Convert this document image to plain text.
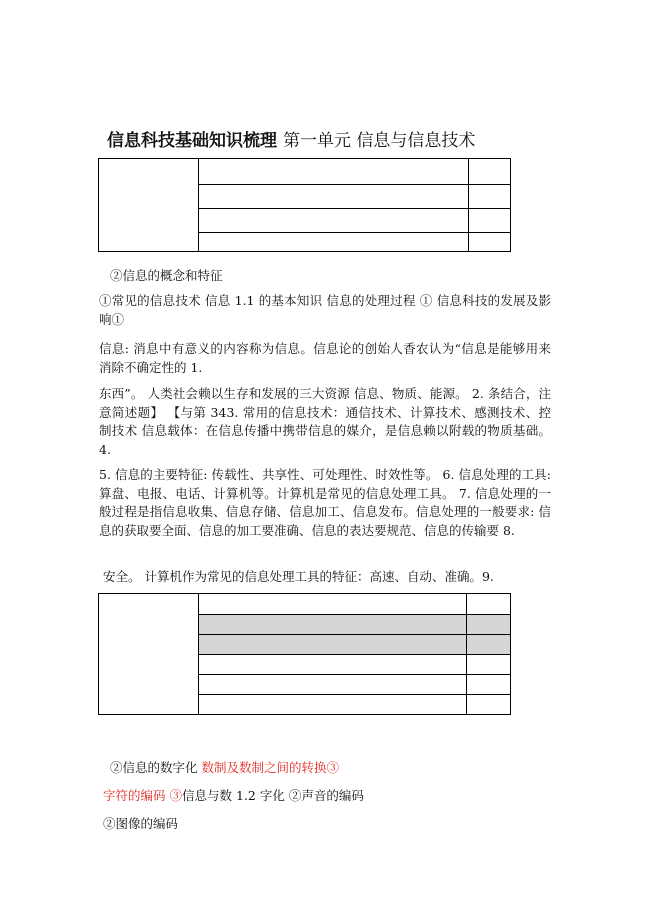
信息科技基础知识梳理 第一单元 信息与信息技术
②信息的概念和特征
①常见的信息技术 信息 1.1 的基本知识 信息的处理过程 ① 信息科技的发展及影响①
信息: 消息中有意义的内容称为信息。信息论的创始人香农认为“信息是能够用来消除不确定性的 1.
东西”。 人类社会赖以生存和发展的三大资源 信息、物质、能源。 2. 条结合，注意简述题】 【与第 343. 常用的信息技术：通信技术、计算技术、感测技术、控制技术 信息载体：在信息传播中携带信息的媒介，是信息赖以附载的物质基础。4.
5. 信息的主要特征: 传载性、共享性、可处理性、时效性等。 6. 信息处理的工具: 算盘、电报、电话、计算机等。计算机是常见的信息处理工具。 7. 信息处理的一般过程是指信息收集、信息存储、信息加工、信息发布。信息处理的一般要求: 信息的获取要全面、信息的加工要准确、信息的表达要规范、信息的传输要 8.
安全。 计算机作为常见的信息处理工具的特征：高速、自动、准确。9.
②信息的数字化 数制及数制之间的转换③
字符的编码 ③信息与数 1.2 字化 ②声音的编码
②图像的编码
